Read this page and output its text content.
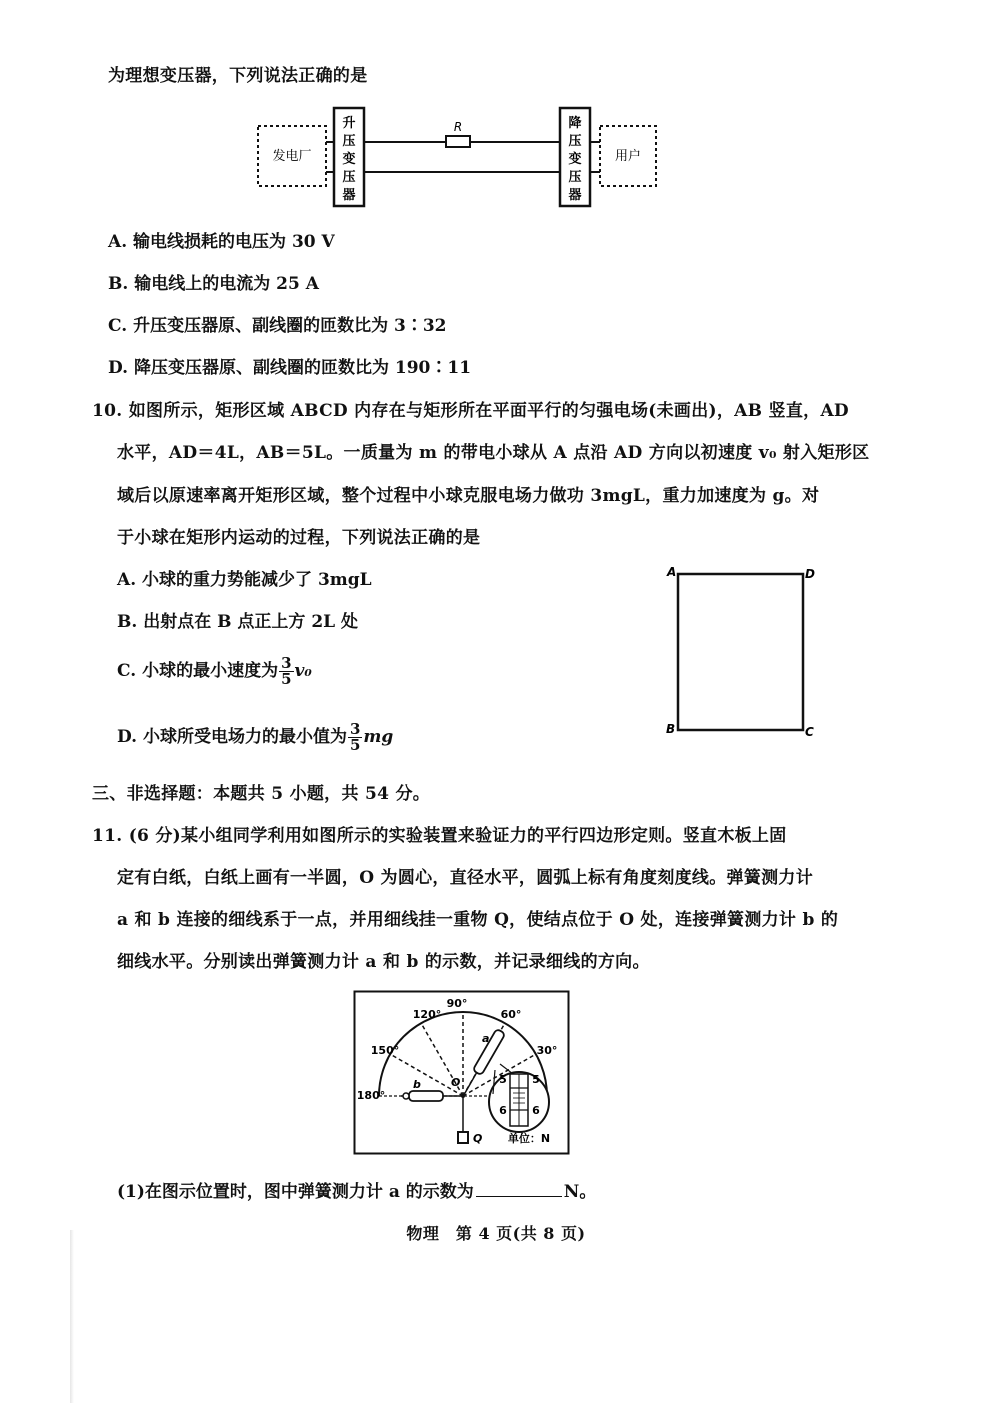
为理想变压器，下列说法正确的是
发电厂
升
压
变
压
器
R	降
压
变
压
器
用户
A. 输电线损耗的电压为 30 V
B. 输电线上的电流为 25 A
C. 升压变压器原、副线圈的匝数比为 3∶32
D. 降压变压器原、副线圈的匝数比为 190∶11
10. 如图所示，矩形区域 ABCD 内存在与矩形所在平面平行的匀强电场(未画出)，AB 竖直，AD
水平，AD＝4L，AB＝5L。一质量为 m 的带电小球从 A 点沿 AD 方向以初速度 v₀ 射入矩形区
域后以原速率离开矩形区域，整个过程中小球克服电场力做功 3mgL，重力加速度为 g。对
于小球在矩形内运动的过程，下列说法正确的是
A. 小球的重力势能减少了 3mgL
B. 出射点在 B 点正上方 2L 处
C. 小球的最小速度为 $\frac{3}{5} v_0$
D. 小球所受电场力的最小值为 $\frac{3}{5}$ mg
A	D
B	C
三、非选择题：本题共 5 小题，共 54 分。
11. (6 分)某小组同学利用如图所示的实验装置来验证力的平行四边形定则。竖直木板上固
定有白纸，白纸上画有一半圆，O 为圆心，直径水平，圆弧上标有角度刻度线。弹簧测力计
a 和 b 连接的细线系于一点，并用细线挂一重物 Q，使结点位于 O 处，连接弹簧测力计 b 的
细线水平。分别读出弹簧测力计 a 和 b 的示数，并记录细线的方向。
90°
60°
120°
150°	30°
180°
a
b	O
Q
5 5
6 6
单位：N
(1)在图示位置时，图中弹簧测力计 a 的示数为	N。
物理　第 4 页(共 8 页)
